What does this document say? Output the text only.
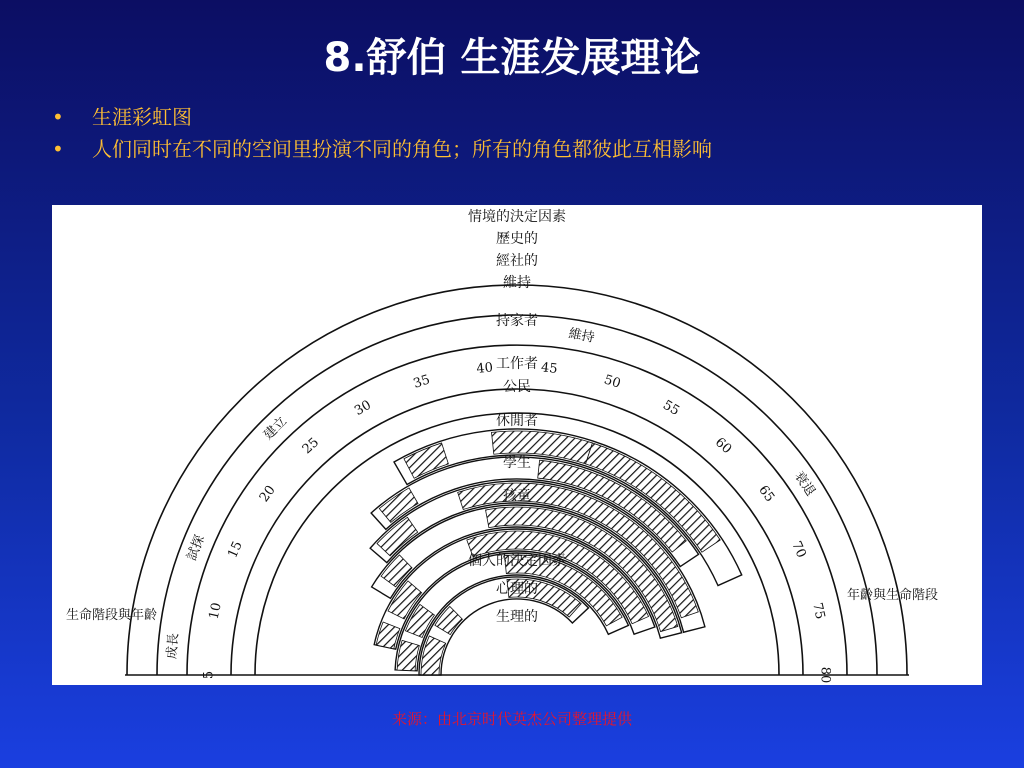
8.舒伯 生涯发展理论
• 生涯彩虹图
• 人们同时在不同的空间里扮演不同的角色；所有的角色都彼此互相影响
5
10
15
20
25
30
35
40	45
50
55
60
65
70
75
80
成長
試探
建立
維持
衰退
維持
持家者
工作者
公民
休閒者
學生
孩童
情境的決定因素
歷史的
經社的
個人的決定因素
心理的
生理的
生命階段與年齡
年齡與生命階段
来源：由北京时代英杰公司整理提供
